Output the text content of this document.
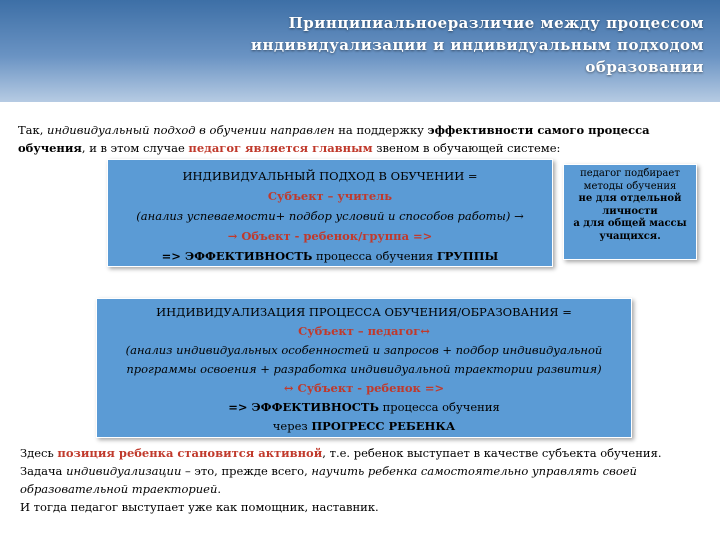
Принципиальноеразличие между процессом
индивидуализации и индивидуальным подходом
образовании
Так, индивидуальный подход в обучении направлен на поддержку эффективности самого процесса обучения, и в этом случае педагог является главным звеном в обучающей системе:
ИНДИВИДУАЛЬНЫЙ ПОДХОД В ОБУЧЕНИИ =
Субъект – учитель
(анализ успеваемости+ подбор условий и способов работы) →
→ Объект - ребенок/группа =>
=> ЭФФЕКТИВНОСТЬ процесса обучения ГРУППЫ
педагог подбирает
методы обучения
не для отдельной
личности
а для общей массы
учащихся.
ИНДИВИДУАЛИЗАЦИЯ ПРОЦЕССА ОБУЧЕНИЯ/ОБРАЗОВАНИЯ =
Субъект – педагог↔
(анализ индивидуальных особенностей и запросов + подбор индивидуальной
программы освоения + разработка индивидуальной траектории развития)
↔ Субъект - ребенок =>
=> ЭФФЕКТИВНОСТЬ процесса обучения
через ПРОГРЕСС РЕБЕНКА
Здесь позиция ребенка становится активной, т.е. ребенок выступает в качестве субъекта обучения.
Задача индивидуализации – это, прежде всего, научить ребенка самостоятельно управлять своей образовательной траекторией.
И тогда педагог выступает уже как помощник, наставник.
